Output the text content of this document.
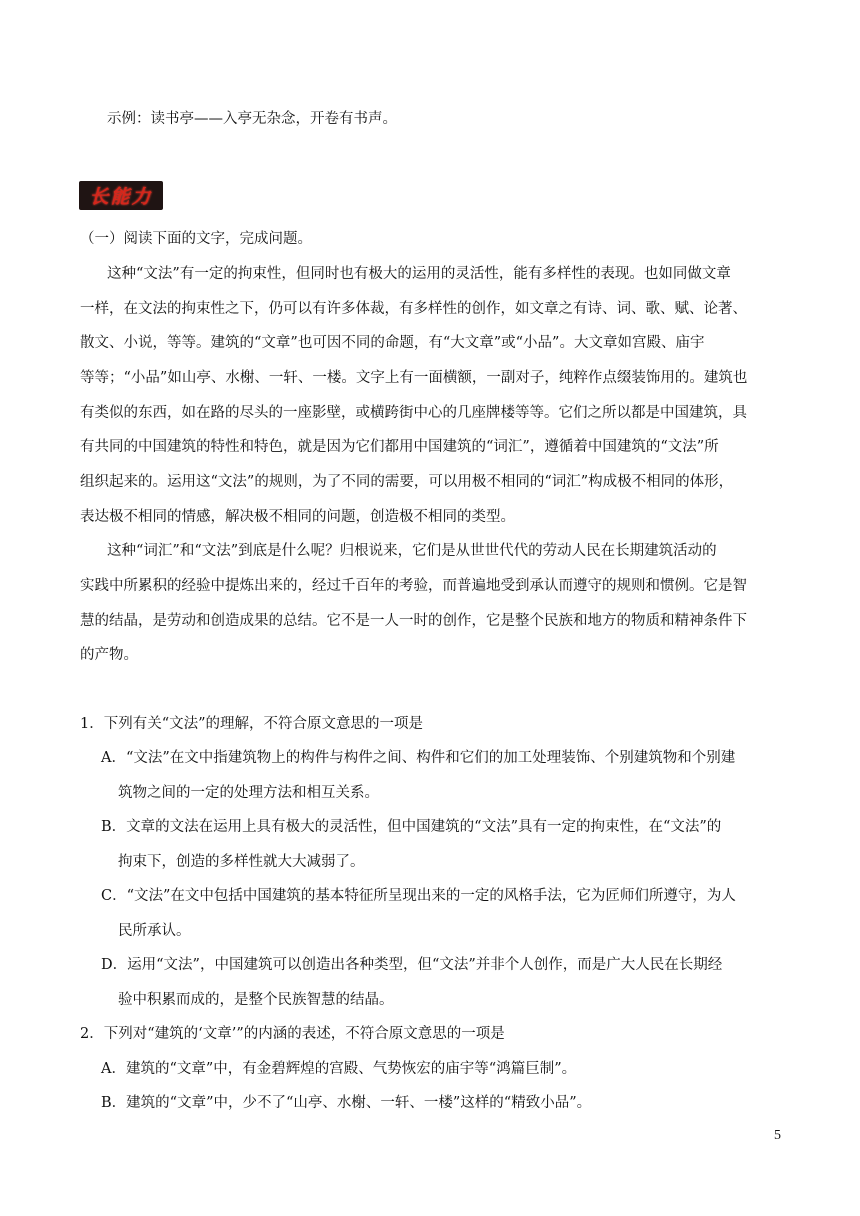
示例：读书亭——入亭无杂念，开卷有书声。
长能力
（一）阅读下面的文字，完成问题。
这种“文法”有一定的拘束性，但同时也有极大的运用的灵活性，能有多样性的表现。也如同做文章
一样，在文法的拘束性之下，仍可以有许多体裁，有多样性的创作，如文章之有诗、词、歌、赋、论著、
散文、小说，等等。建筑的“文章”也可因不同的命题，有“大文章”或“小品”。大文章如宫殿、庙宇
等等；“小品”如山亭、水榭、一轩、一楼。文字上有一面横额，一副对子，纯粹作点缀装饰用的。建筑也
有类似的东西，如在路的尽头的一座影壁，或横跨街中心的几座牌楼等等。它们之所以都是中国建筑，具
有共同的中国建筑的特性和特色，就是因为它们都用中国建筑的“词汇”，遵循着中国建筑的“文法”所
组织起来的。运用这“文法”的规则，为了不同的需要，可以用极不相同的“词汇”构成极不相同的体形，
表达极不相同的情感，解决极不相同的问题，创造极不相同的类型。
这种“词汇”和“文法”到底是什么呢？归根说来，它们是从世世代代的劳动人民在长期建筑活动的
实践中所累积的经验中提炼出来的，经过千百年的考验，而普遍地受到承认而遵守的规则和惯例。它是智
慧的结晶，是劳动和创造成果的总结。它不是一人一时的创作，它是整个民族和地方的物质和精神条件下
的产物。
1．下列有关“文法”的理解，不符合原文意思的一项是
A．“文法”在文中指建筑物上的构件与构件之间、构件和它们的加工处理装饰、个别建筑物和个别建
筑物之间的一定的处理方法和相互关系。
B．文章的文法在运用上具有极大的灵活性，但中国建筑的“文法”具有一定的拘束性，在“文法”的
拘束下，创造的多样性就大大减弱了。
C．“文法”在文中包括中国建筑的基本特征所呈现出来的一定的风格手法，它为匠师们所遵守，为人
民所承认。
D．运用“文法”，中国建筑可以创造出各种类型，但“文法”并非个人创作，而是广大人民在长期经
验中积累而成的，是整个民族智慧的结晶。
2．下列对“建筑的‘文章’”的内涵的表述，不符合原文意思的一项是
A．建筑的“文章”中，有金碧辉煌的宫殿、气势恢宏的庙宇等“鸿篇巨制”。
B．建筑的“文章”中，少不了“山亭、水榭、一轩、一楼”这样的“精致小品”。
5
